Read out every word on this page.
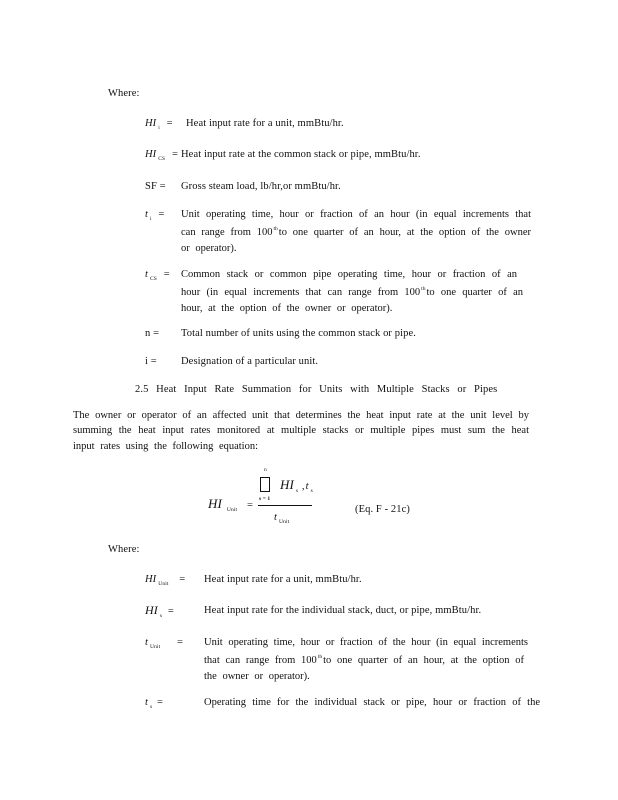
Where:
HI $_i$ = Heat input rate for a unit, mmBtu/hr.
HI $_{CS}$ = Heat input rate at the common stack or pipe, mmBtu/hr.
SF = Gross steam load, lb/hr,or mmBtu/hr.
t $_i$ = Unit operating time, hour or fraction of an hour (in equal increments that
can range from 100thto one quarter of an hour, at the option of the owner
or operator).
t $_{CS}$ = Common stack or common pipe operating time, hour or fraction of an
hour (in equal increments that can range from 100thto one quarter of an
hour, at the option of the owner or operator).
n = Total number of units using the common stack or pipe.
i = Designation of a particular unit.
2.5 Heat Input Rate Summation for Units with Multiple Stacks or Pipes
The owner or operator of an affected unit that determines the heat input rate at the unit level by
summing the heat input rates monitored at multiple stacks or multiple pipes must sum the heat
input rates using the following equation:
HI $_{Unit}$ =
n
s = 1
HI $_s$ ,t $_s$
t $_{Unit}$
(Eq. F - 21c)
Where:
HI $_{Unit}$ = Heat input rate for a unit, mmBtu/hr.
HI $_s$ =	Heat input rate for the individual stack, duct, or pipe, mmBtu/hr.
t $_{Unit}$ = Unit operating time, hour or fraction of the hour (in equal increments
that can range from 100thto one quarter of an hour, at the option of
the owner or operator).
t $_s$ =	Operating time for the individual stack or pipe, hour or fraction of the
